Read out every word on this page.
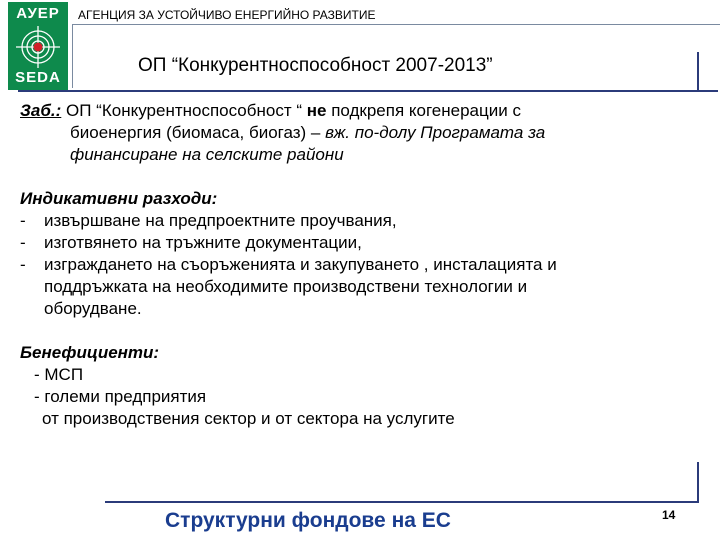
АУЕР
SEDA
АГЕНЦИЯ ЗА УСТОЙЧИВО ЕНЕРГИЙНО РАЗВИТИЕ
ОП “Конкурентноспособност 2007-2013”

Заб.: ОП “Конкурентноспособност “ не подкрепя когенерации с
биоенергия (биомаса, биогаз) – вж. по-долу Програмата за
финансиране на селските райони

Индикативни разходи:
-	извършване на предпроектните проучвания,
-	изготвянето на тръжните документации,
-	изграждането на съоръженията и закупуването , инсталацията и
поддръжката на необходимите производствени технологии и
оборудване.
Бенефициенти:
- МСП
- големи предприятия
от производствения сектор и от сектора на услугите
Структурни фондове на ЕС	14
